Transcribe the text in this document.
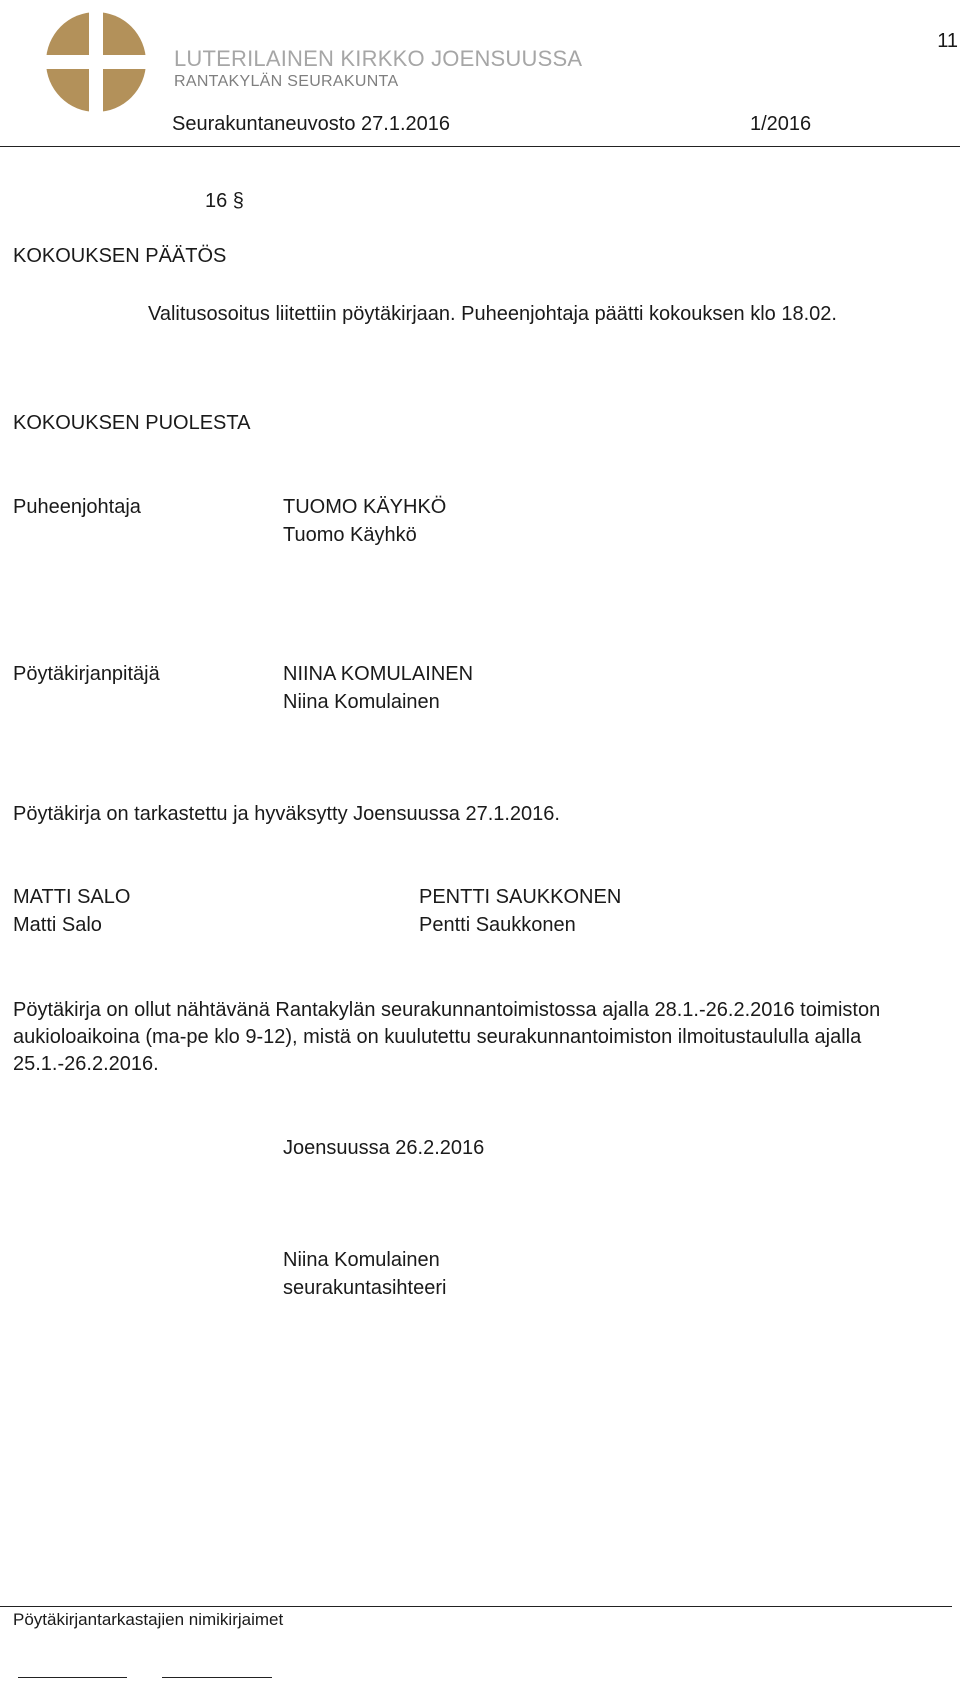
LUTERILAINEN KIRKKO JOENSUUSSA
RANTAKYLÄN SEURAKUNTA
11
Seurakuntaneuvosto 27.1.2016	1/2016
16 §
KOKOUKSEN PÄÄTÖS
Valitusosoitus liitettiin pöytäkirjaan. Puheenjohtaja päätti kokouksen klo 18.02.
KOKOUKSEN PUOLESTA
Puheenjohtaja	TUOMO KÄYHKÖ
Tuomo Käyhkö
Pöytäkirjanpitäjä	NIINA KOMULAINEN
Niina Komulainen
Pöytäkirja on tarkastettu ja hyväksytty Joensuussa 27.1.2016.
MATTI SALO
Matti Salo
PENTTI SAUKKONEN
Pentti Saukkonen
Pöytäkirja on ollut nähtävänä Rantakylän seurakunnantoimistossa ajalla 28.1.-26.2.2016 toimiston aukioloaikoina (ma-pe klo 9-12), mistä on kuulutettu seurakunnantoimiston ilmoitustaululla ajalla 25.1.-26.2.2016.
Joensuussa 26.2.2016
Niina Komulainen
seurakuntasihteeri
Pöytäkirjantarkastajien nimikirjaimet
